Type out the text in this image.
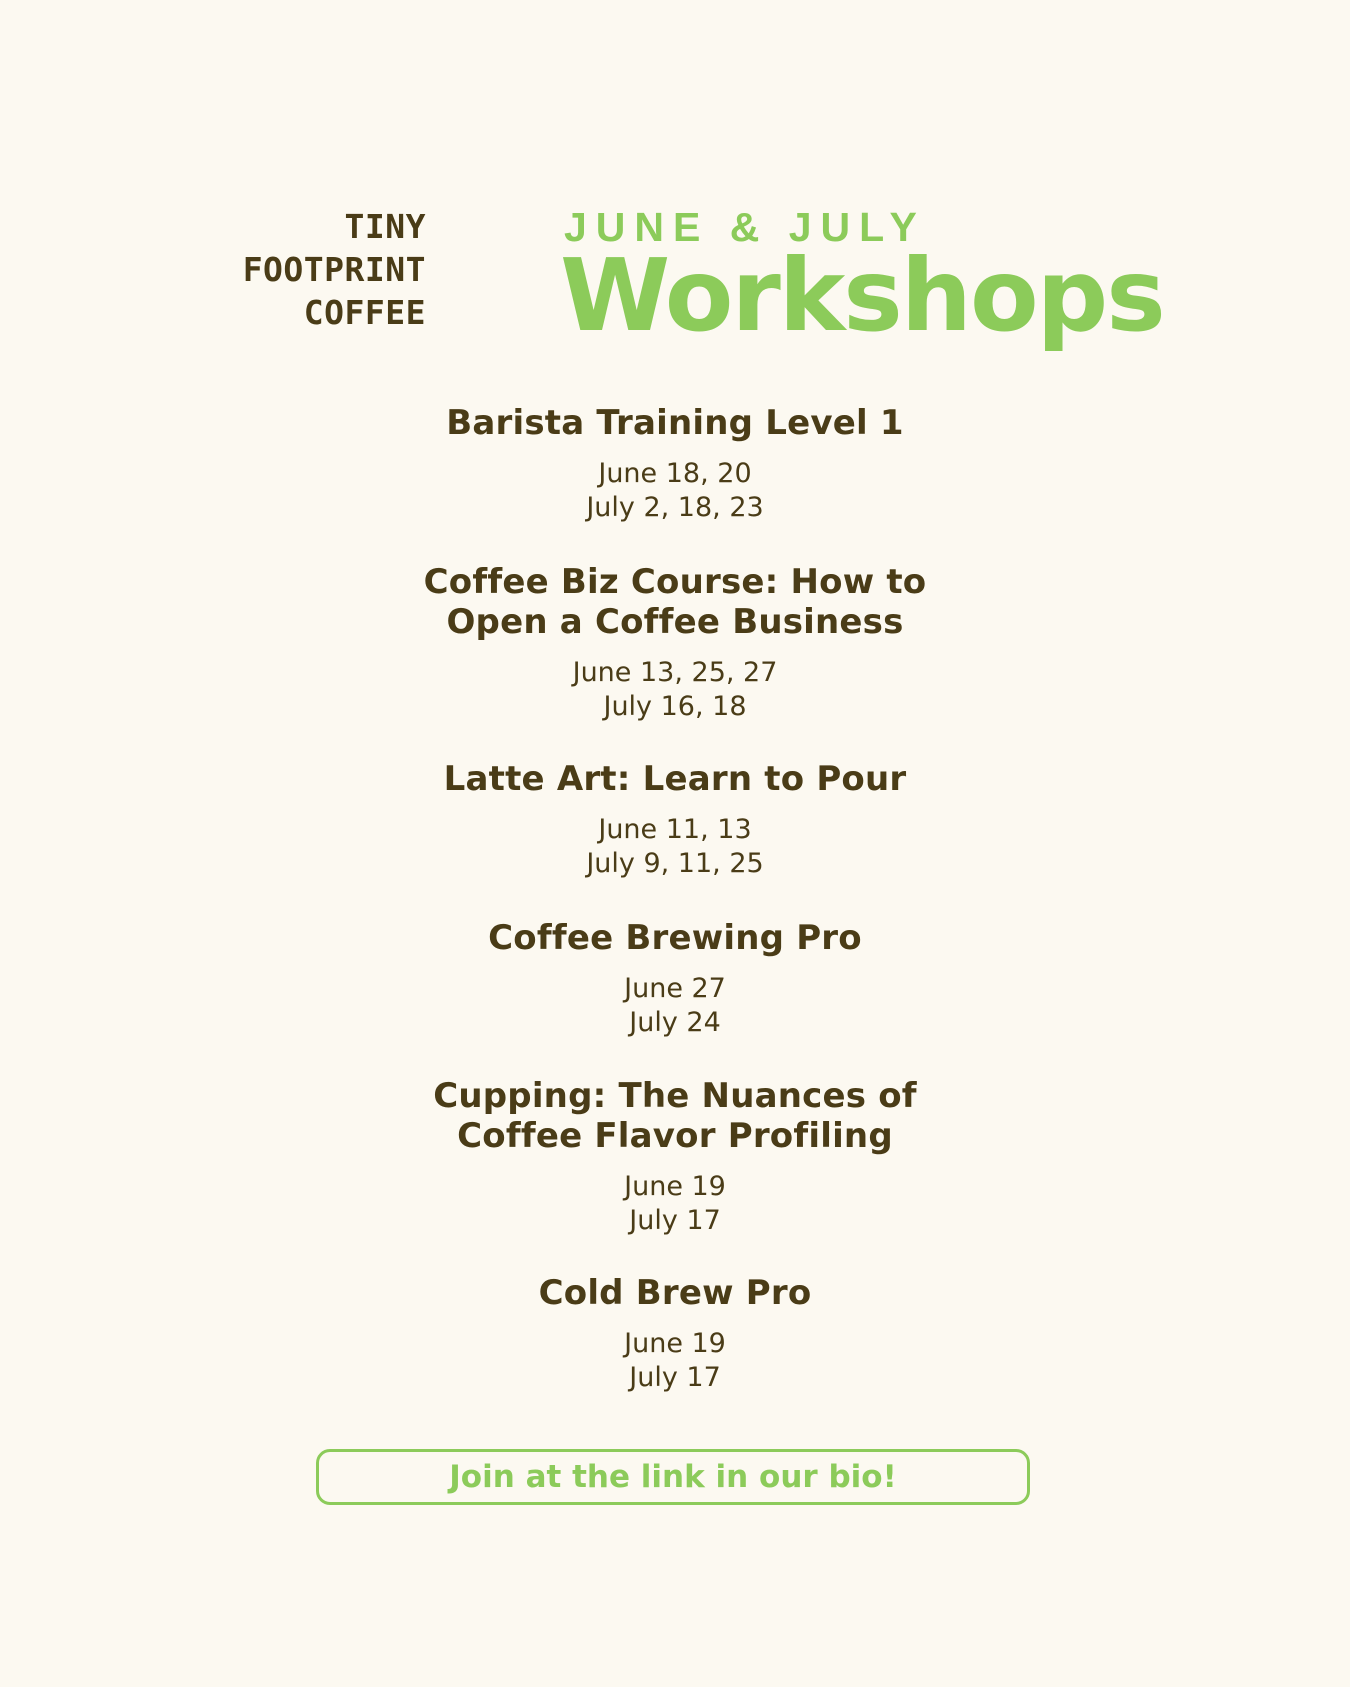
TINY
FOOTPRINT
COFFEE
JUNE & JULY
Workshops
Barista Training Level 1
June 18, 20
July 2, 18, 23
Coffee Biz Course: How to
Open a Coffee Business
June 13, 25, 27
July 16, 18
Latte Art: Learn to Pour
June 11, 13
July 9, 11, 25
Coffee Brewing Pro
June 27
July 24
Cupping: The Nuances of
Coffee Flavor Profiling
June 19
July 17
Cold Brew Pro
June 19
July 17
Join at the link in our bio!
